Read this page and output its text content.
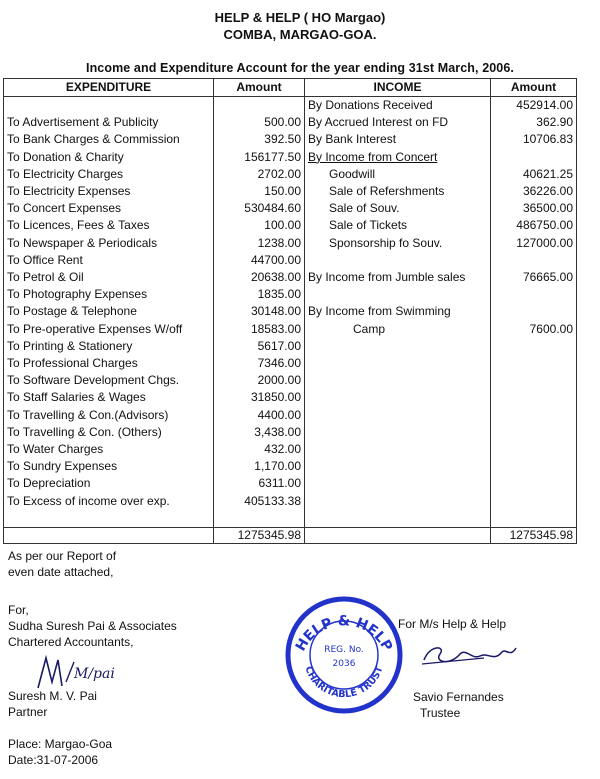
HELP & HELP ( HO Margao)
COMBA, MARGAO-GOA.
Income and Expenditure Account for the year ending 31st March, 2006.
EXPENDITURE	Amount	INCOME	Amount
		By Donations Received	452914.00
To Advertisement & Publicity	500.00	By Accrued Interest on FD	362.90
To Bank Charges & Commission	392.50	By Bank Interest	10706.83
To Donation & Charity	156177.50	By Income from Concert	
To Electricity Charges	2702.00	Goodwill	40621.25
To Electricity Expenses	150.00	Sale of Refershments	36226.00
To Concert Expenses	530484.60	Sale of Souv.	36500.00
To Licences, Fees & Taxes	100.00	Sale of Tickets	486750.00
To Newspaper & Periodicals	1238.00	Sponsorship fo Souv.	127000.00
To Office Rent	44700.00		
To Petrol & Oil	20638.00	By Income from Jumble sales	76665.00
To Photography Expenses	1835.00		
To Postage & Telephone	30148.00	By Income from Swimming	
To Pre-operative Expenses W/off	18583.00	Camp	7600.00
To Printing & Stationery	5617.00		
To Professional Charges	7346.00		
To Software Development Chgs.	2000.00		
To Staff Salaries & Wages	31850.00		
To Travelling & Con.(Advisors)	4400.00		
To Travelling & Con. (Others)	3,438.00		
To Water Charges	432.00		
To Sundry Expenses	1,170.00		
To Depreciation	6311.00		
To Excess of income over exp.	405133.38		

	1275345.98		1275345.98
As per our Report of
even date attached,
For,
Sudha Suresh Pai & Associates
Chartered Accountants,
M/pai
Suresh M. V. Pai
Partner
Place: Margao-Goa
Date:31-07-2006
HELP & HELP
CHARITABLE TRUST
REG. No.
2036
For M/s Help & Help
Savio Fernandes
Trustee
